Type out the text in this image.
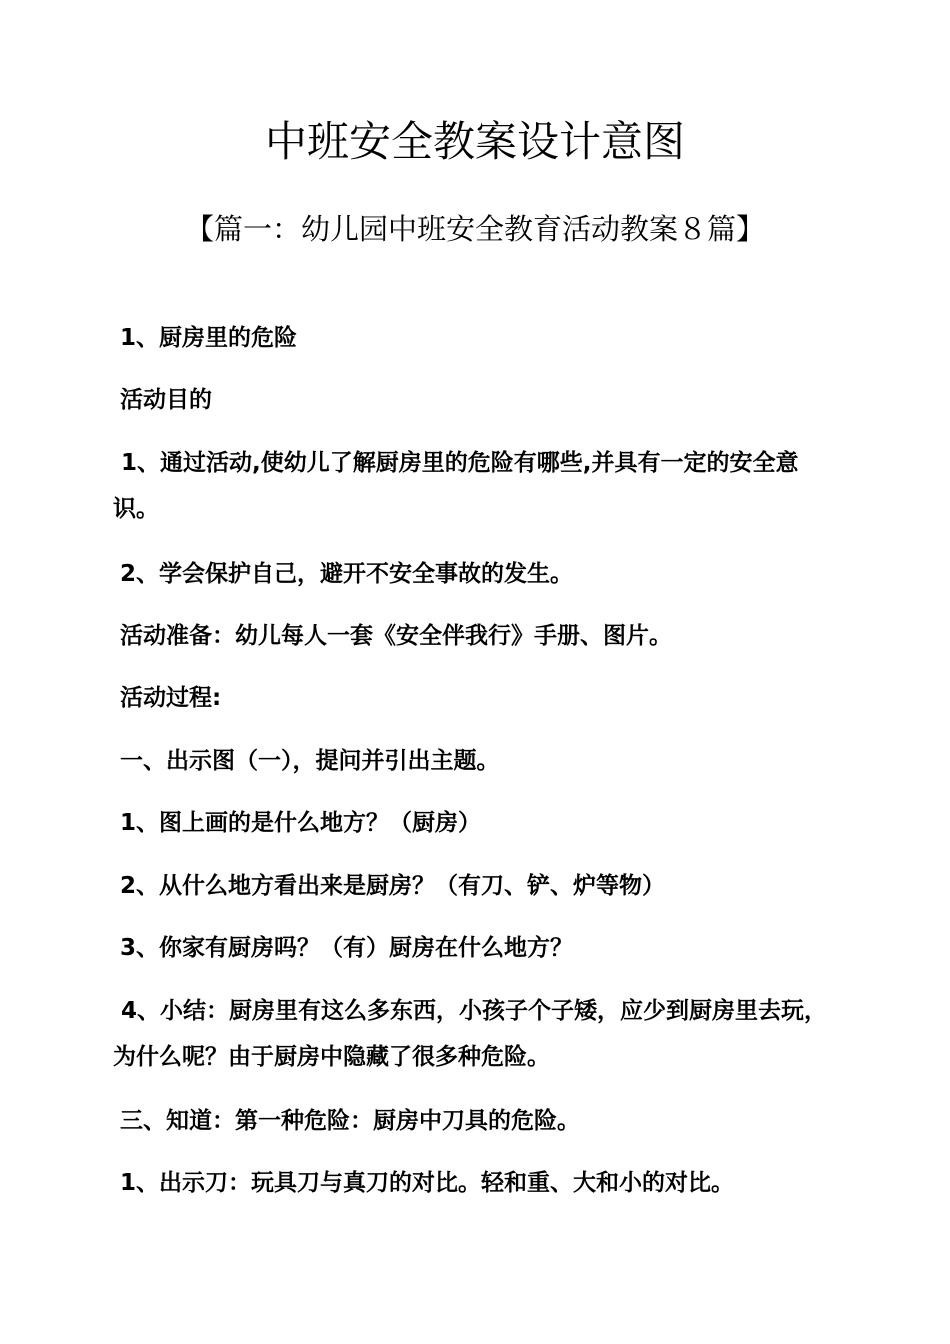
中班安全教案设计意图
【篇一：幼儿园中班安全教育活动教案８篇】
1、厨房里的危险
活动目的
1、通过活动,使幼儿了解厨房里的危险有哪些,并具有一定的安全意识。
2、学会保护自己，避开不安全事故的发生。
活动准备：幼儿每人一套《安全伴我行》手册、图片。
活动过程:
一、出示图（一），提问并引出主题。
1、图上画的是什么地方？（厨房）
2、从什么地方看出来是厨房？（有刀、铲、炉等物）
3、你家有厨房吗？（有）厨房在什么地方？
4、小结：厨房里有这么多东西，小孩子个子矮，应少到厨房里去玩，为什么呢？由于厨房中隐藏了很多种危险。
三、知道：第一种危险：厨房中刀具的危险。
1、出示刀：玩具刀与真刀的对比。轻和重、大和小的对比。
